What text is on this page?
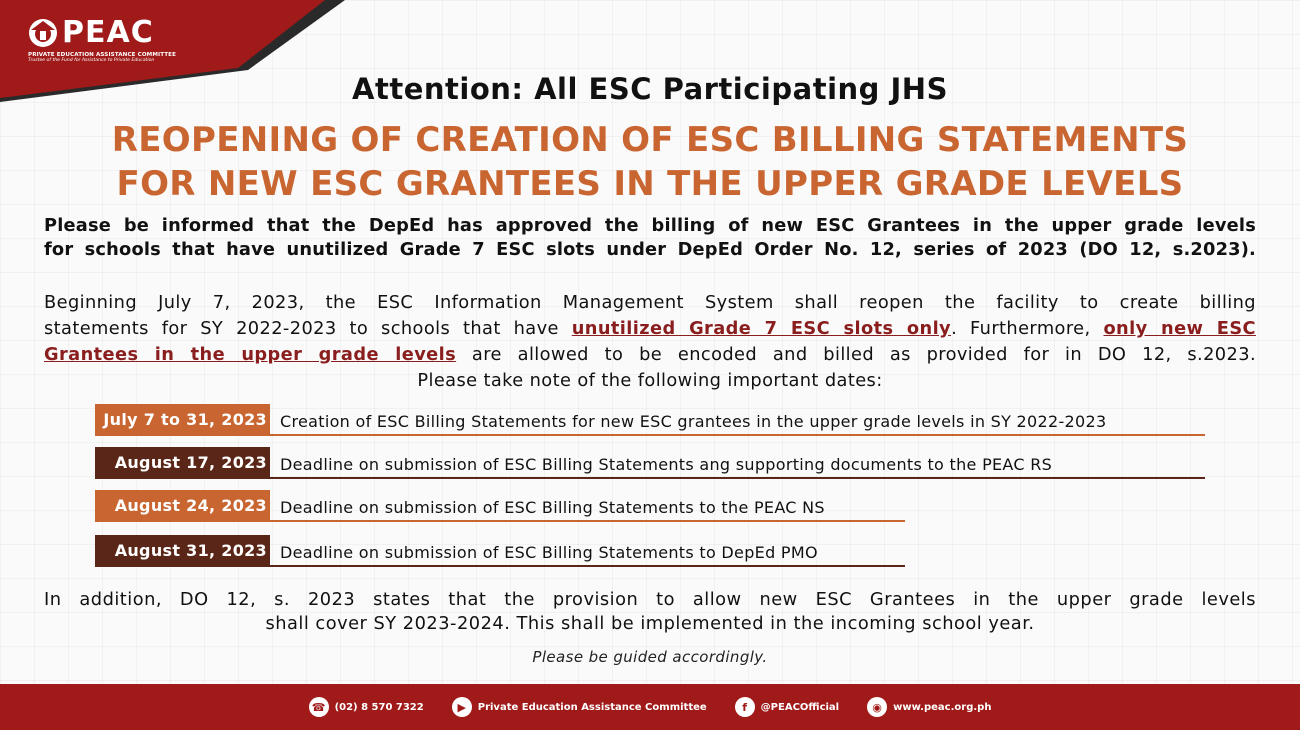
PEAC
PRIVATE EDUCATION ASSISTANCE COMMITTEE
Trustee of the Fund for Assistance to Private Education
Attention: All ESC Participating JHS
REOPENING OF CREATION OF ESC BILLING STATEMENTS
FOR NEW ESC GRANTEES IN THE UPPER GRADE LEVELS
Please be informed that the DepEd has approved the billing of new ESC Grantees in the upper grade levels
for schools that have unutilized Grade 7 ESC slots under DepEd Order No. 12, series of 2023 (DO 12, s.2023).
Beginning July 7, 2023, the ESC Information Management System shall reopen the facility to create billing
statements for SY 2022-2023 to schools that have unutilized Grade 7 ESC slots only. Furthermore, only new ESC
Grantees in the upper grade levels are allowed to be encoded and billed as provided for in DO 12, s.2023.
Please take note of the following important dates:
July 7 to 31, 2023 Creation of ESC Billing Statements for new ESC grantees in the upper grade levels in SY 2022-2023
August 17, 2023 Deadline on submission of ESC Billing Statements ang supporting documents to the PEAC RS
August 24, 2023 Deadline on submission of ESC Billing Statements to the PEAC NS
August 31, 2023 Deadline on submission of ESC Billing Statements to DepEd PMO
In addition, DO 12, s. 2023 states that the provision to allow new ESC Grantees in the upper grade levels
shall cover SY 2023-2024. This shall be implemented in the incoming school year.
Please be guided accordingly.
☎ (02) 8 570 7322	▶	Private Education Assistance Committee	f	@PEACOfficial	◉	www.peac.org.ph
